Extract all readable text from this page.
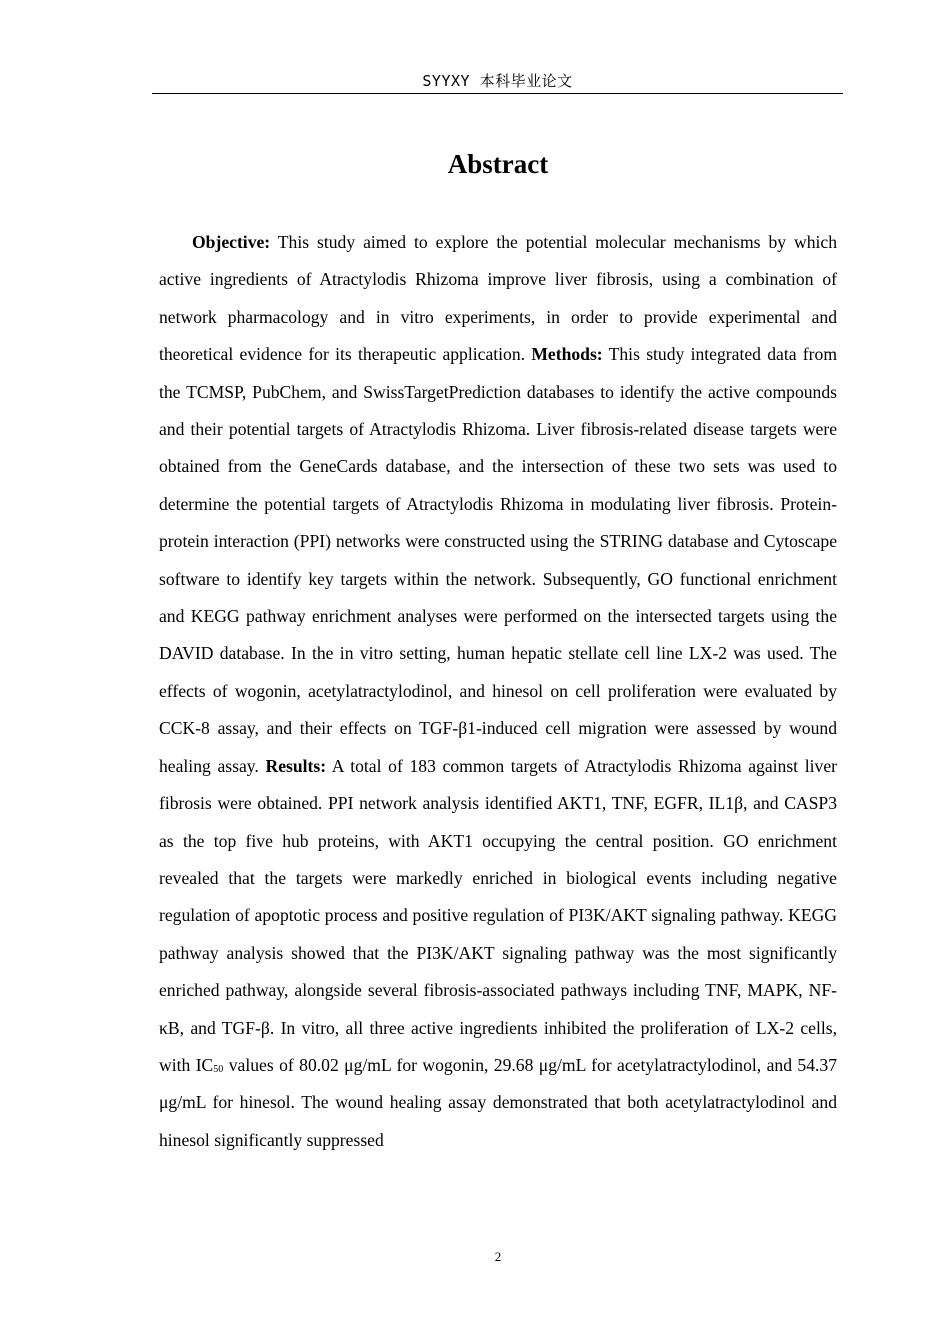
SYYXY 本科毕业论文
Abstract

Objective: This study aimed to explore the potential molecular mechanisms by which active ingredients of Atractylodis Rhizoma improve liver fibrosis, using a combination of network pharmacology and in vitro experiments, in order to provide experimental and theoretical evidence for its therapeutic application. Methods: This study integrated data from the TCMSP, PubChem, and SwissTargetPrediction databases to identify the active compounds and their potential targets of Atractylodis Rhizoma. Liver fibrosis-related disease targets were obtained from the GeneCards database, and the intersection of these two sets was used to determine the potential targets of Atractylodis Rhizoma in modulating liver fibrosis. Protein-protein interaction (PPI) networks were constructed using the STRING database and Cytoscape software to identify key targets within the network. Subsequently, GO functional enrichment and KEGG pathway enrichment analyses were performed on the intersected targets using the DAVID database. In the in vitro setting, human hepatic stellate cell line LX-2 was used. The effects of wogonin, acetylatractylodinol, and hinesol on cell proliferation were evaluated by CCK-8 assay, and their effects on TGF-β1-induced cell migration were assessed by wound healing assay. Results: A total of 183 common targets of Atractylodis Rhizoma against liver fibrosis were obtained. PPI network analysis identified AKT1, TNF, EGFR, IL1β, and CASP3 as the top five hub proteins, with AKT1 occupying the central position. GO enrichment revealed that the targets were markedly enriched in biological events including negative regulation of apoptotic process and positive regulation of PI3K/AKT signaling pathway. KEGG pathway analysis showed that the PI3K/AKT signaling pathway was the most significantly enriched pathway, alongside several fibrosis-associated pathways including TNF, MAPK, NF-κB, and TGF-β. In vitro, all three active ingredients inhibited the proliferation of LX-2 cells, with $IC_{50}$ values of 80.02 μg/mL for wogonin, 29.68 μg/mL for acetylatractylodinol, and 54.37 μg/mL for hinesol. The wound healing assay demonstrated that both acetylatractylodinol and hinesol significantly suppressed

2
